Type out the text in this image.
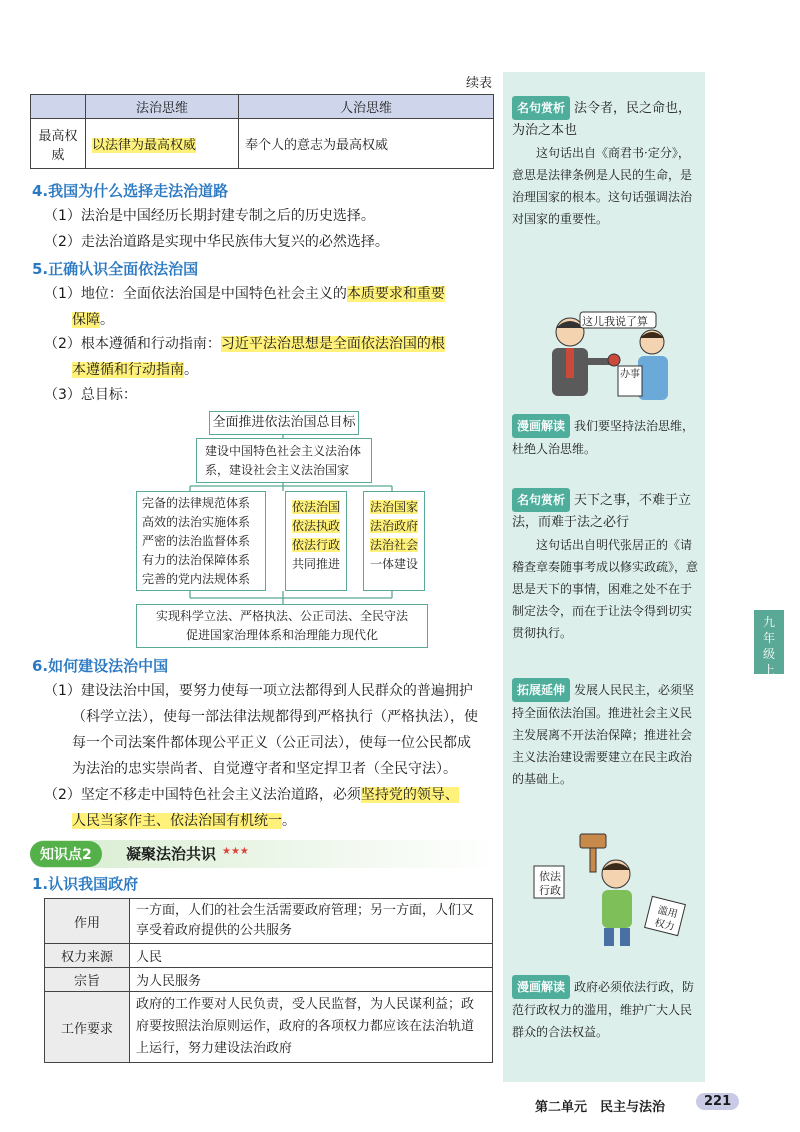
续表
	法治思维	人治思维
最高权威	以法律为最高权威	奉个人的意志为最高权威
4.我国为什么选择走法治道路
（1）法治是中国经历长期封建专制之后的历史选择。
（2）走法治道路是实现中华民族伟大复兴的必然选择。
5.正确认识全面依法治国
（1）地位：全面依法治国是中国特色社会主义的本质要求和重要
保障。
（2）根本遵循和行动指南：习近平法治思想是全面依法治国的根
本遵循和行动指南。
（3）总目标：
全面推进依法治国总目标
建设中国特色社会主义法治体
系，建设社会主义法治国家
完备的法律规范体系
高效的法治实施体系
严密的法治监督体系
有力的法治保障体系
完善的党内法规体系
依法治国
依法执政
依法行政
共同推进
法治国家
法治政府
法治社会
一体建设
实现科学立法、严格执法、公正司法、全民守法
促进国家治理体系和治理能力现代化
6.如何建设法治中国
（1）建设法治中国，要努力使每一项立法都得到人民群众的普遍拥护
（科学立法），使每一部法律法规都得到严格执行（严格执法），使
每一个司法案件都体现公平正义（公正司法），使每一位公民都成
为法治的忠实崇尚者、自觉遵守者和坚定捍卫者（全民守法）。
（2）坚定不移走中国特色社会主义法治道路，必须坚持党的领导、
人民当家作主、依法治国有机统一。
知识点2	凝聚法治共识 ★★★
1.认识我国政府
作用	一方面，人们的社会生活需要政府管理；另一方面，人们又享受着政府提供的公共服务
权力来源	人民
宗旨	为人民服务
工作要求	政府的工作要对人民负责，受人民监督，为人民谋利益；政府要按照法治原则运作，政府的各项权力都应该在法治轨道上运行，努力建设法治政府
名句赏析 法令者，民之命也，为治之本也
这句话出自《商君书·定分》，意思是法律条例是人民的生命，是治理国家的根本。这句话强调法治对国家的重要性。
这儿我说了算
办事
漫画解读 我们要坚持法治思维，杜绝人治思维。
名句赏析 天下之事，不难于立法，而难于法之必行
这句话出自明代张居正的《请稽查章奏随事考成以修实政疏》，意思是天下的事情，困难之处不在于制定法令，而在于让法令得到切实贯彻执行。
拓展延伸 发展人民民主，必须坚持全面依法治国。推进社会主义民主发展离不开法治保障；推进社会主义法治建设需要建立在民主政治的基础上。
依法行政
滥用权力
漫画解读 政府必须依法行政，防范行政权力的滥用，维护广大人民群众的合法权益。
九年级上册
第二单元　民主与法治	221
